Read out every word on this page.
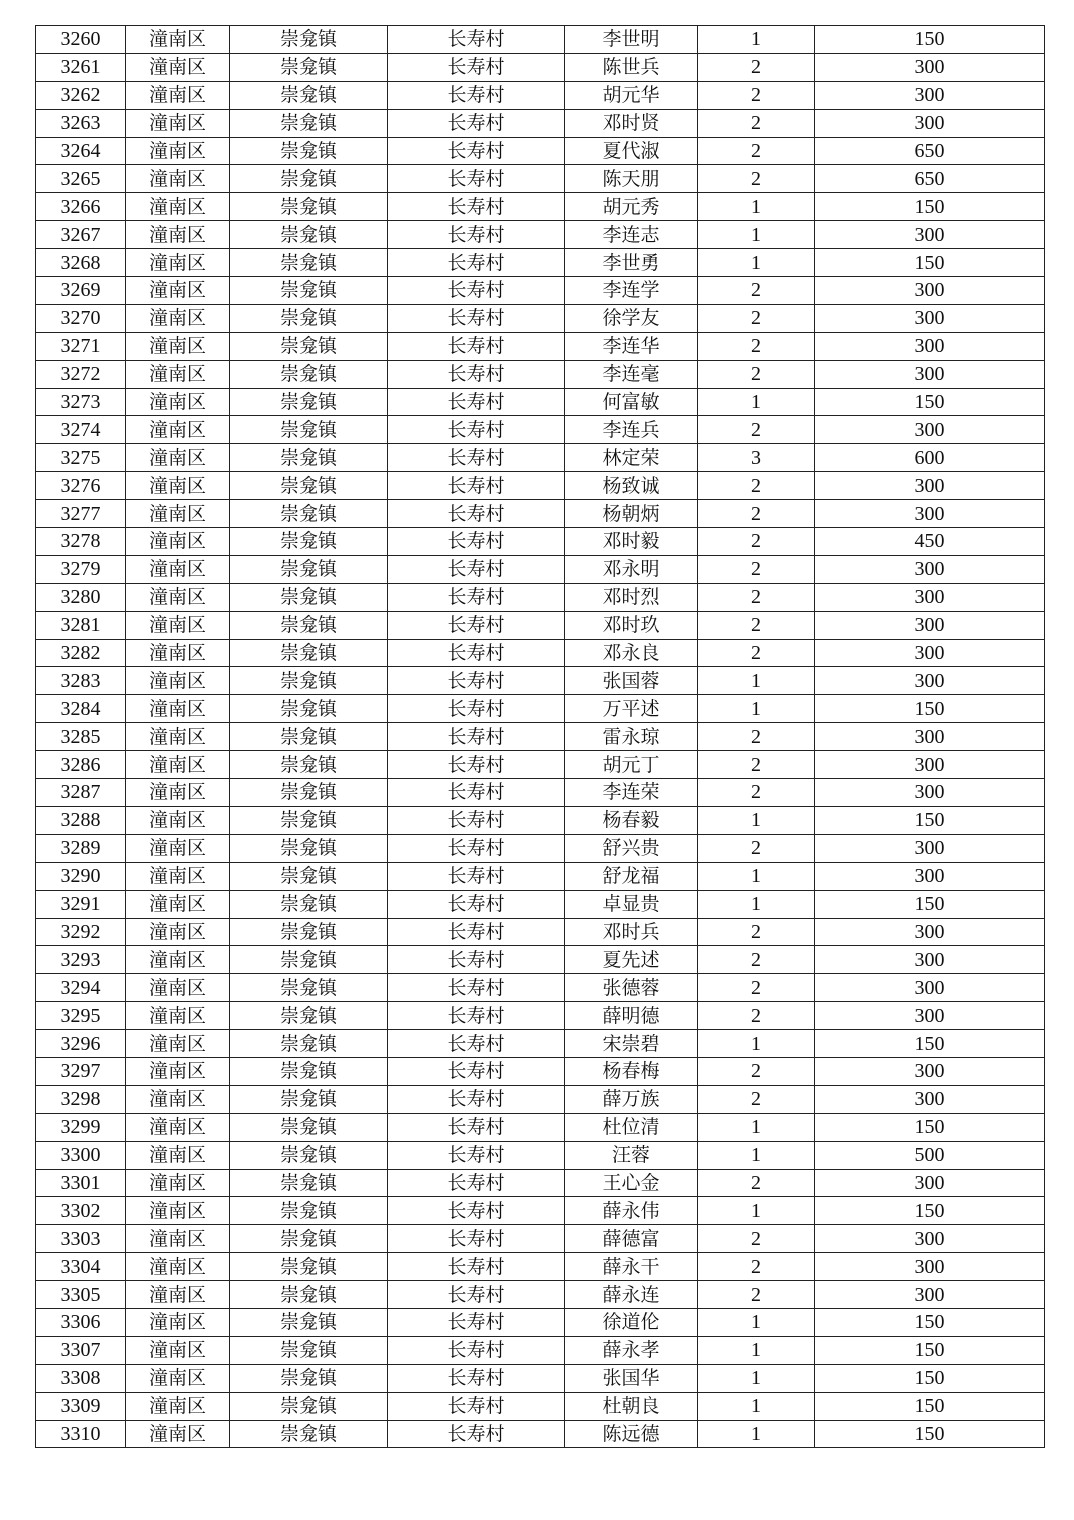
3260	潼南区	崇龛镇	长寿村	李世明	1	150
3261	潼南区	崇龛镇	长寿村	陈世兵	2	300
3262	潼南区	崇龛镇	长寿村	胡元华	2	300
3263	潼南区	崇龛镇	长寿村	邓时贤	2	300
3264	潼南区	崇龛镇	长寿村	夏代淑	2	650
3265	潼南区	崇龛镇	长寿村	陈天朋	2	650
3266	潼南区	崇龛镇	长寿村	胡元秀	1	150
3267	潼南区	崇龛镇	长寿村	李连志	1	300
3268	潼南区	崇龛镇	长寿村	李世勇	1	150
3269	潼南区	崇龛镇	长寿村	李连学	2	300
3270	潼南区	崇龛镇	长寿村	徐学友	2	300
3271	潼南区	崇龛镇	长寿村	李连华	2	300
3272	潼南区	崇龛镇	长寿村	李连毫	2	300
3273	潼南区	崇龛镇	长寿村	何富敏	1	150
3274	潼南区	崇龛镇	长寿村	李连兵	2	300
3275	潼南区	崇龛镇	长寿村	林定荣	3	600
3276	潼南区	崇龛镇	长寿村	杨致诚	2	300
3277	潼南区	崇龛镇	长寿村	杨朝炳	2	300
3278	潼南区	崇龛镇	长寿村	邓时毅	2	450
3279	潼南区	崇龛镇	长寿村	邓永明	2	300
3280	潼南区	崇龛镇	长寿村	邓时烈	2	300
3281	潼南区	崇龛镇	长寿村	邓时玖	2	300
3282	潼南区	崇龛镇	长寿村	邓永良	2	300
3283	潼南区	崇龛镇	长寿村	张国蓉	1	300
3284	潼南区	崇龛镇	长寿村	万平述	1	150
3285	潼南区	崇龛镇	长寿村	雷永琼	2	300
3286	潼南区	崇龛镇	长寿村	胡元丁	2	300
3287	潼南区	崇龛镇	长寿村	李连荣	2	300
3288	潼南区	崇龛镇	长寿村	杨春毅	1	150
3289	潼南区	崇龛镇	长寿村	舒兴贵	2	300
3290	潼南区	崇龛镇	长寿村	舒龙福	1	300
3291	潼南区	崇龛镇	长寿村	卓显贵	1	150
3292	潼南区	崇龛镇	长寿村	邓时兵	2	300
3293	潼南区	崇龛镇	长寿村	夏先述	2	300
3294	潼南区	崇龛镇	长寿村	张德蓉	2	300
3295	潼南区	崇龛镇	长寿村	薛明德	2	300
3296	潼南区	崇龛镇	长寿村	宋崇碧	1	150
3297	潼南区	崇龛镇	长寿村	杨春梅	2	300
3298	潼南区	崇龛镇	长寿村	薛万族	2	300
3299	潼南区	崇龛镇	长寿村	杜位清	1	150
3300	潼南区	崇龛镇	长寿村	汪蓉	1	500
3301	潼南区	崇龛镇	长寿村	王心金	2	300
3302	潼南区	崇龛镇	长寿村	薛永伟	1	150
3303	潼南区	崇龛镇	长寿村	薛德富	2	300
3304	潼南区	崇龛镇	长寿村	薛永干	2	300
3305	潼南区	崇龛镇	长寿村	薛永连	2	300
3306	潼南区	崇龛镇	长寿村	徐道伦	1	150
3307	潼南区	崇龛镇	长寿村	薛永孝	1	150
3308	潼南区	崇龛镇	长寿村	张国华	1	150
3309	潼南区	崇龛镇	长寿村	杜朝良	1	150
3310	潼南区	崇龛镇	长寿村	陈远德	1	150
